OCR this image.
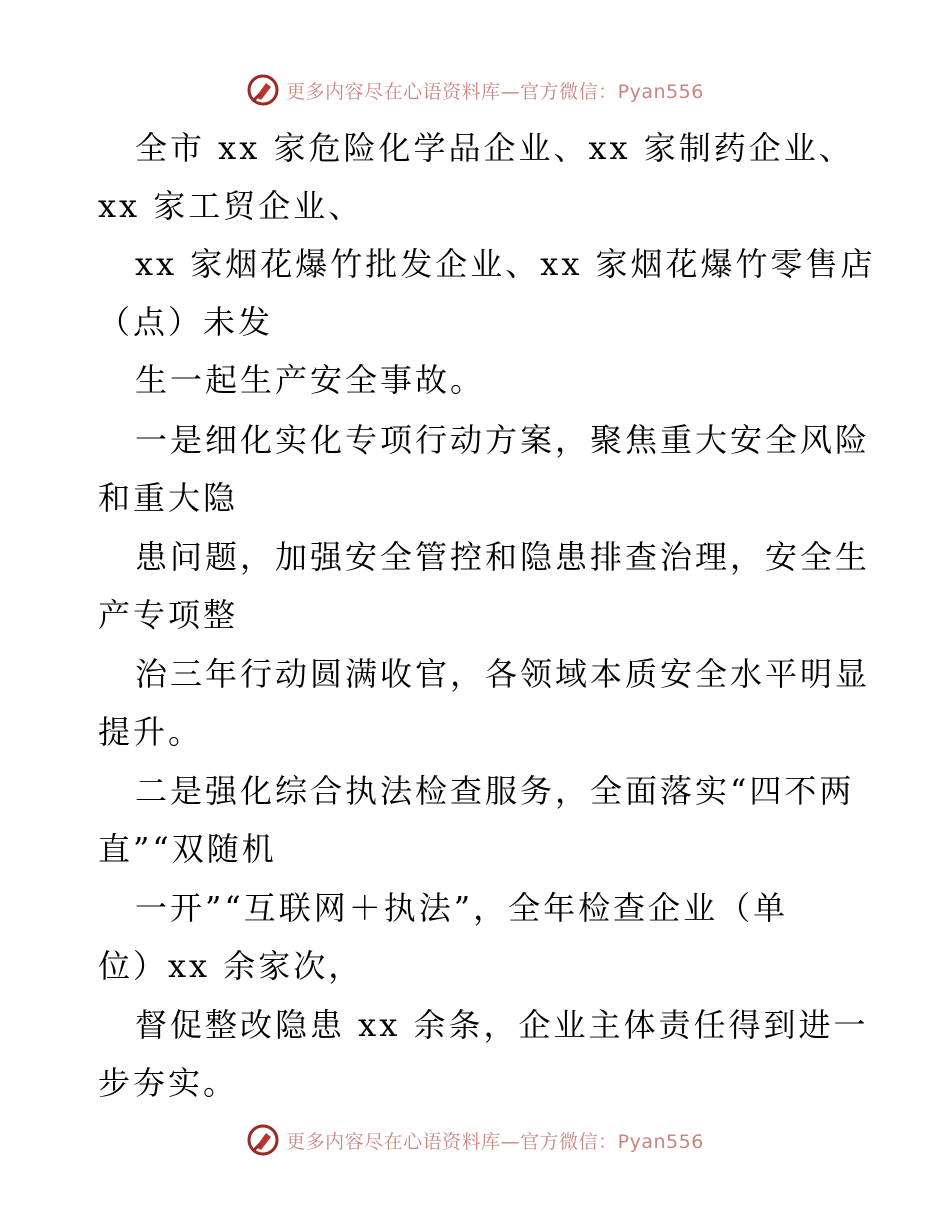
更多内容尽在心语资料库—官方微信：Pyan556
全市 xx 家危险化学品企业、xx 家制药企业、
xx 家工贸企业、
xx 家烟花爆竹批发企业、xx 家烟花爆竹零售店
（点）未发
生一起生产安全事故。
一是细化实化专项行动方案，聚焦重大安全风险
和重大隐
患问题，加强安全管控和隐患排查治理，安全生
产专项整
治三年行动圆满收官，各领域本质安全水平明显
提升。
二是强化综合执法检查服务，全面落实“四不两
直”“双随机
一开”“互联网＋执法”，全年检查企业（单
位）xx 余家次，
督促整改隐患 xx 余条，企业主体责任得到进一
步夯实。
更多内容尽在心语资料库—官方微信：Pyan556
